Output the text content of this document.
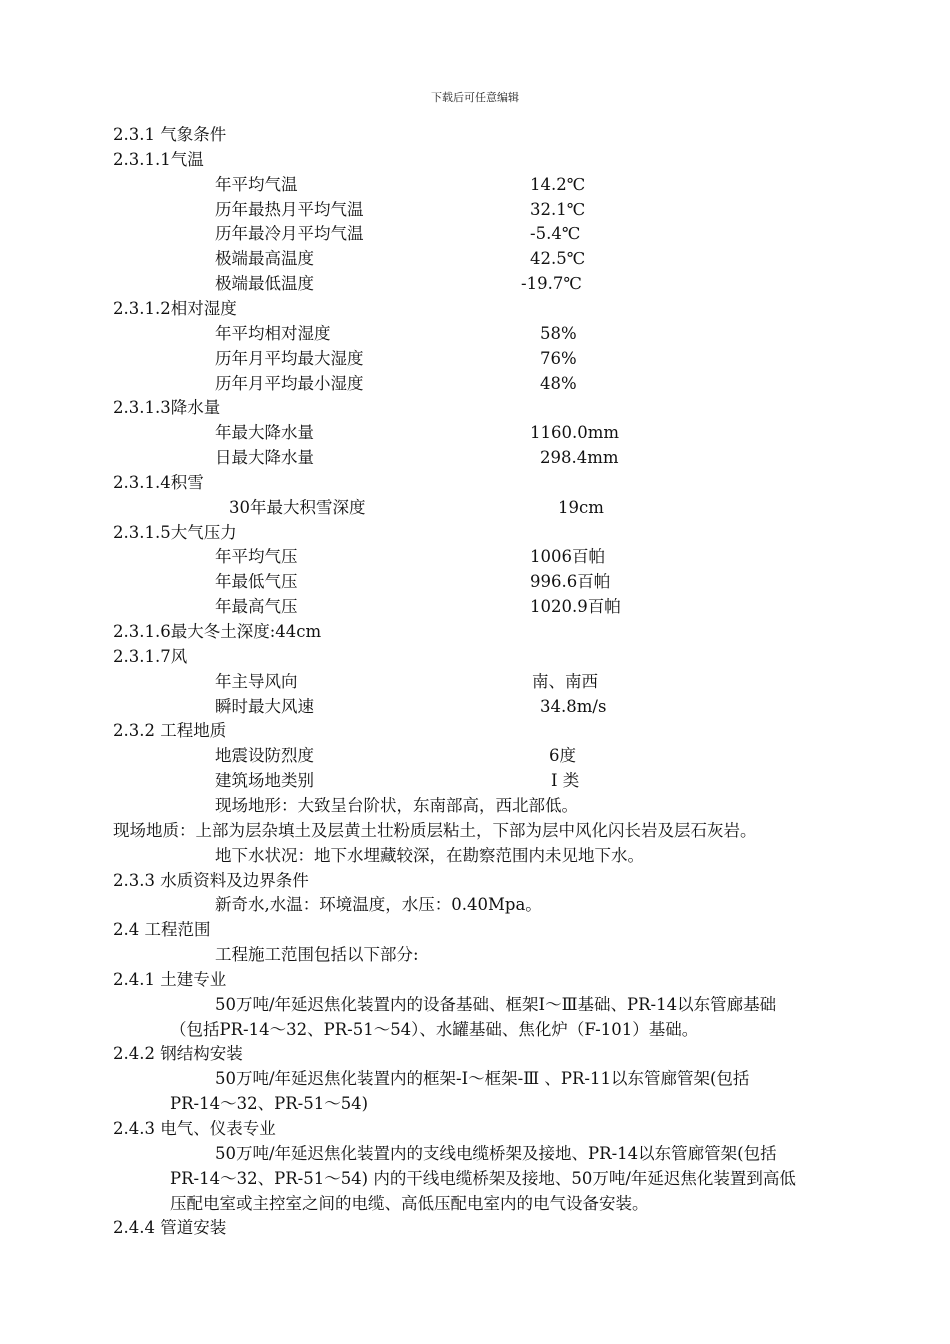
下载后可任意编辑
2.3.1 气象条件
2.3.1.1气温
年平均气温	14.2℃
历年最热月平均气温	32.1℃
历年最冷月平均气温	-5.4℃
极端最高温度	42.5℃
极端最低温度	-19.7℃
2.3.1.2相对湿度
年平均相对湿度	58%
历年月平均最大湿度	76%
历年月平均最小湿度	48%
2.3.1.3降水量
年最大降水量	1160.0mm
日最大降水量	298.4mm
2.3.1.4积雪
30年最大积雪深度	19cm
2.3.1.5大气压力
年平均气压	1006百帕
年最低气压	996.6百帕
年最高气压	1020.9百帕
2.3.1.6最大冬土深度:44cm
2.3.1.7风
年主导风向	南、南西
瞬时最大风速	34.8m/s
2.3.2 工程地质
地震设防烈度	6度
建筑场地类别	Ⅰ 类
现场地形：大致呈台阶状，东南部高，西北部低。
现场地质：上部为层杂填土及层黄土壮粉质层粘土，下部为层中风化闪长岩及层石灰岩。
地下水状况：地下水埋藏较深，在勘察范围内未见地下水。
2.3.3 水质资料及边界条件
新奇水,水温：环境温度，水压：0.40Mpa。
2.4 工程范围
工程施工范围包括以下部分:
2.4.1 土建专业
50万吨/年延迟焦化装置内的设备基础、框架Ⅰ～Ⅲ基础、PR-14以东管廊基础
（包括PR-14～32、PR-51～54）、水罐基础、焦化炉（F-101）基础。
2.4.2 钢结构安装
50万吨/年延迟焦化装置内的框架-Ⅰ～框架-Ⅲ 、PR-11以东管廊管架(包括
PR-14～32、PR-51～54)
2.4.3 电气、仪表专业
50万吨/年延迟焦化装置内的支线电缆桥架及接地、PR-14以东管廊管架(包括
PR-14～32、PR-51～54) 内的干线电缆桥架及接地、50万吨/年延迟焦化装置到高低
压配电室或主控室之间的电缆、高低压配电室内的电气设备安装。
2.4.4 管道安装
